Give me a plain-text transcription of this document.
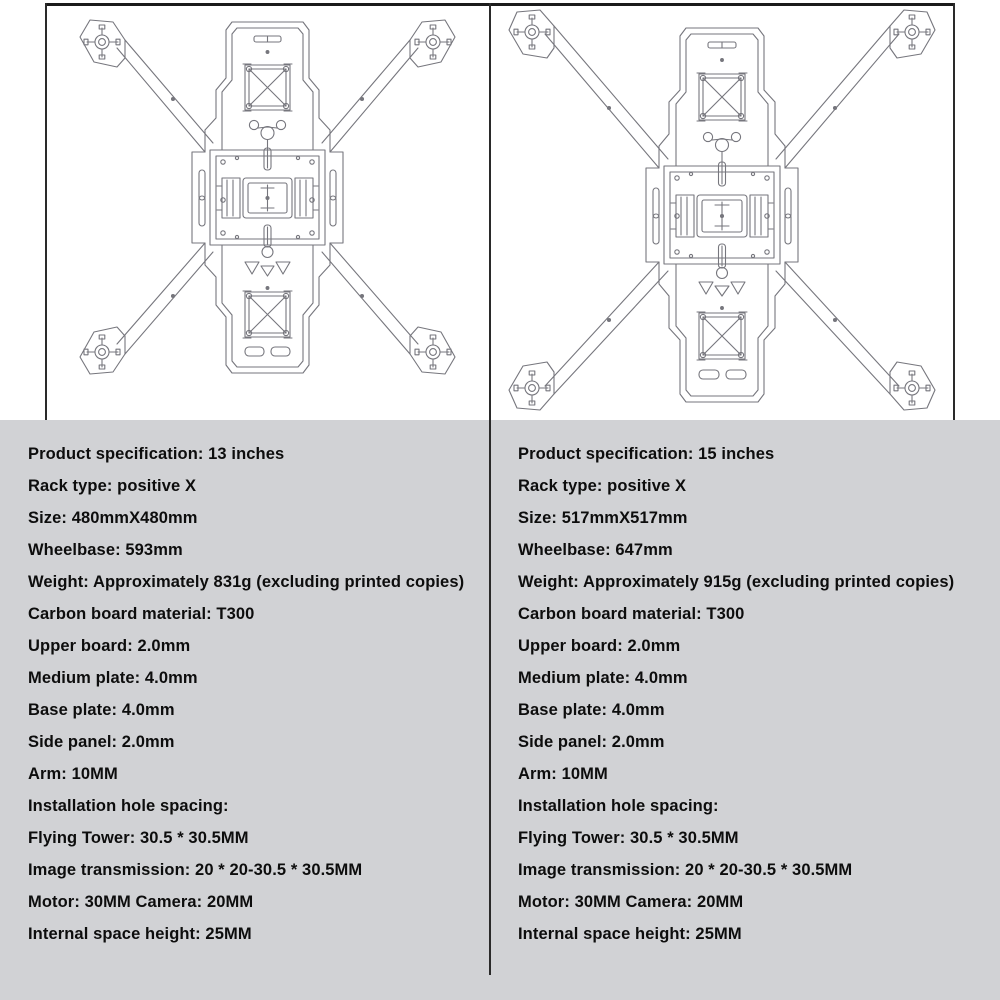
Product specification: 13 inches
Rack type: positive X
Size: 480mmX480mm
Wheelbase: 593mm
Weight: Approximately 831g (excluding printed copies)
Carbon board material: T300
Upper board: 2.0mm
Medium plate: 4.0mm
Base plate: 4.0mm
Side panel: 2.0mm
Arm: 10MM
Installation hole spacing:
Flying Tower: 30.5 * 30.5MM
Image transmission: 20 * 20-30.5 * 30.5MM
Motor: 30MM Camera: 20MM
Internal space height: 25MM
Product specification: 15 inches
Rack type: positive X
Size: 517mmX517mm
Wheelbase: 647mm
Weight: Approximately 915g (excluding printed copies)
Carbon board material: T300
Upper board: 2.0mm
Medium plate: 4.0mm
Base plate: 4.0mm
Side panel: 2.0mm
Arm: 10MM
Installation hole spacing:
Flying Tower: 30.5 * 30.5MM
Image transmission: 20 * 20-30.5 * 30.5MM
Motor: 30MM Camera: 20MM
Internal space height: 25MM
